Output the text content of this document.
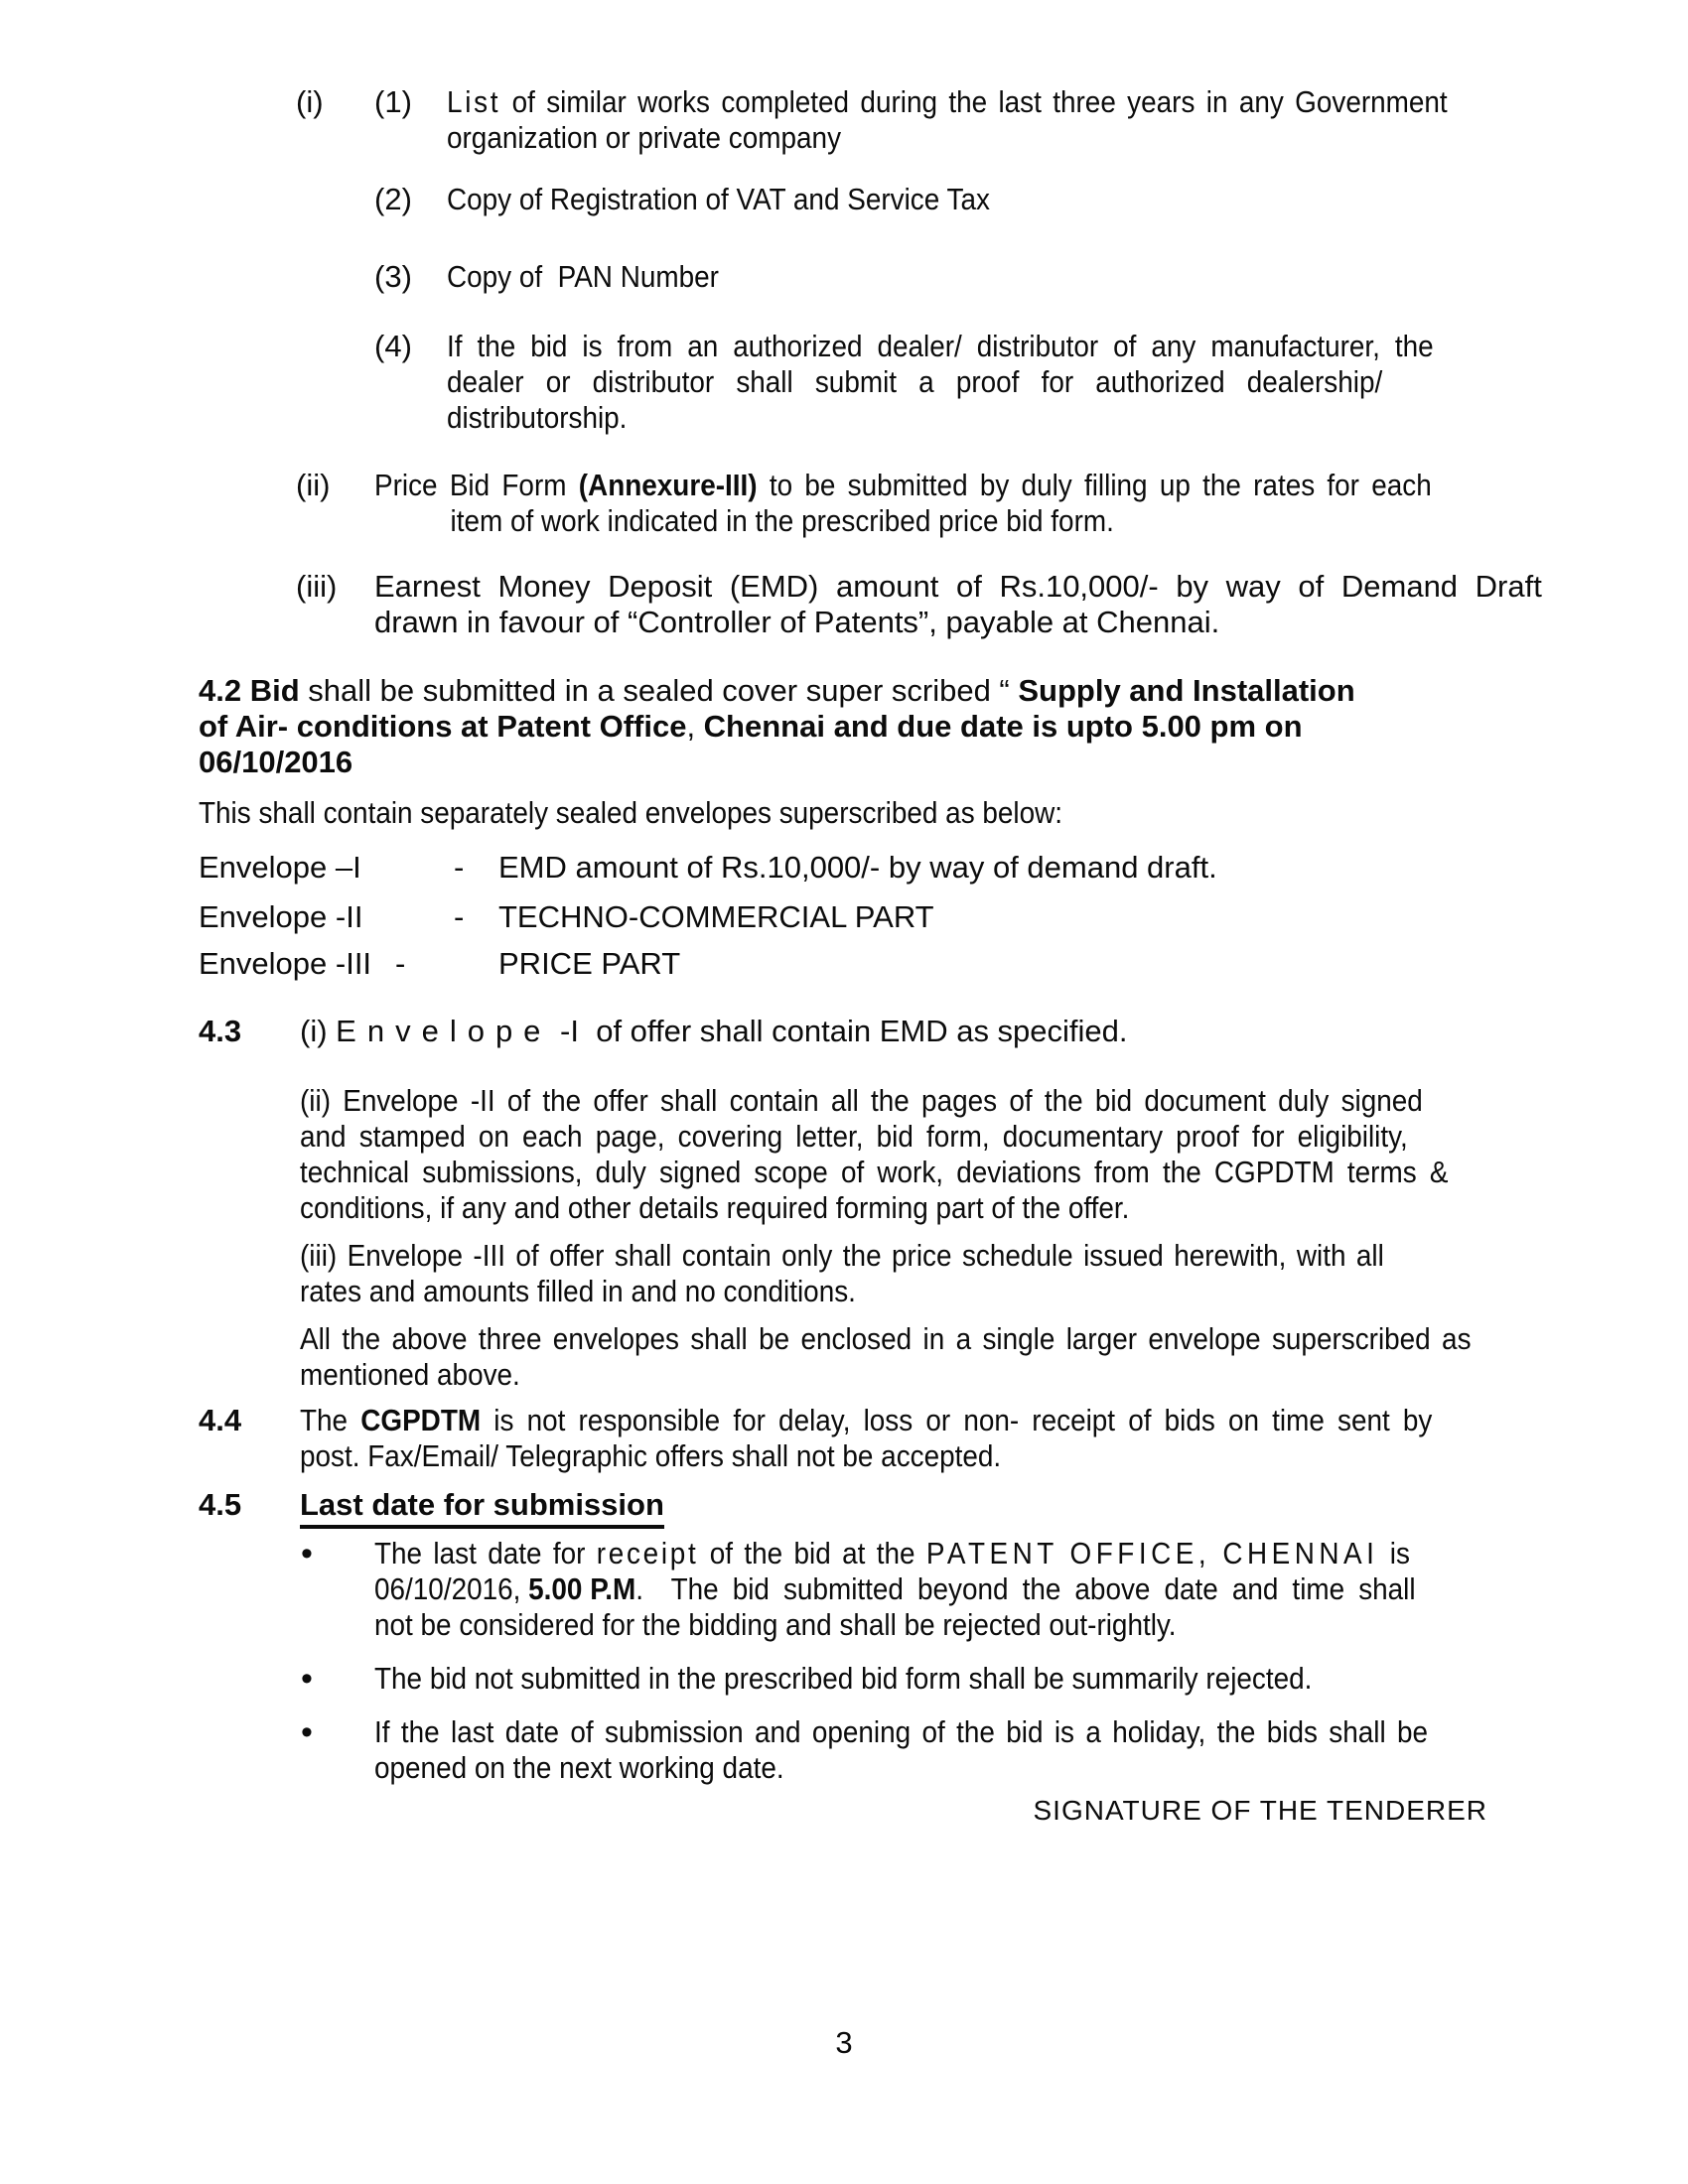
(i) (1) List of similar works completed during the last three years in any Government
organization or private company
(2) Copy of Registration of VAT and Service Tax
(3) Copy of  PAN Number
(4) If the bid is from an authorized dealer/ distributor of any manufacturer, the
dealer or distributor shall submit a proof for authorized dealership/
distributorship.
(ii) Price Bid Form (Annexure-III) to be submitted by duly filling up the rates for each
item of work indicated in the prescribed price bid form.
(iii) Earnest Money Deposit (EMD) amount of Rs.10,000/- by way of Demand Draft
drawn in favour of “Controller of Patents”, payable at Chennai.
4.2 Bid shall be submitted in a sealed cover super scribed “ Supply and Installation
of Air- conditions at Patent Office, Chennai and due date is upto 5.00 pm on
06/10/2016
This shall contain separately sealed envelopes superscribed as below:
Envelope –I	- EMD amount of Rs.10,000/- by way of demand draft.
Envelope -II	- TECHNO-COMMERCIAL PART
Envelope -III -	PRICE PART
4.3 (i) Envelope -I  of offer shall contain EMD as specified.
(ii) Envelope -II of the offer shall contain all the pages of the bid document duly signed
and stamped on each page, covering letter, bid form, documentary proof for eligibility,
technical submissions, duly signed scope of work, deviations from the CGPDTM terms &
conditions, if any and other details required forming part of the offer.
(iii) Envelope -III of offer shall contain only the price schedule issued herewith, with all
rates and amounts filled in and no conditions.
All the above three envelopes shall be enclosed in a single larger envelope superscribed as
mentioned above.
4.4 The CGPDTM is not responsible for delay, loss or non- receipt of bids on time sent by
post. Fax/Email/ Telegraphic offers shall not be accepted.
4.5 Last date for submission
• The last date for receipt of the bid at the PATENT OFFICE, CHENNAI is
06/10/2016, 5.00 P.M.  The bid submitted beyond the above date and time shall
not be considered for the bidding and shall be rejected out-rightly.
• The bid not submitted in the prescribed bid form shall be summarily rejected.
• If the last date of submission and opening of the bid is a holiday, the bids shall be
opened on the next working date.
SIGNATURE OF THE TENDERER
3
